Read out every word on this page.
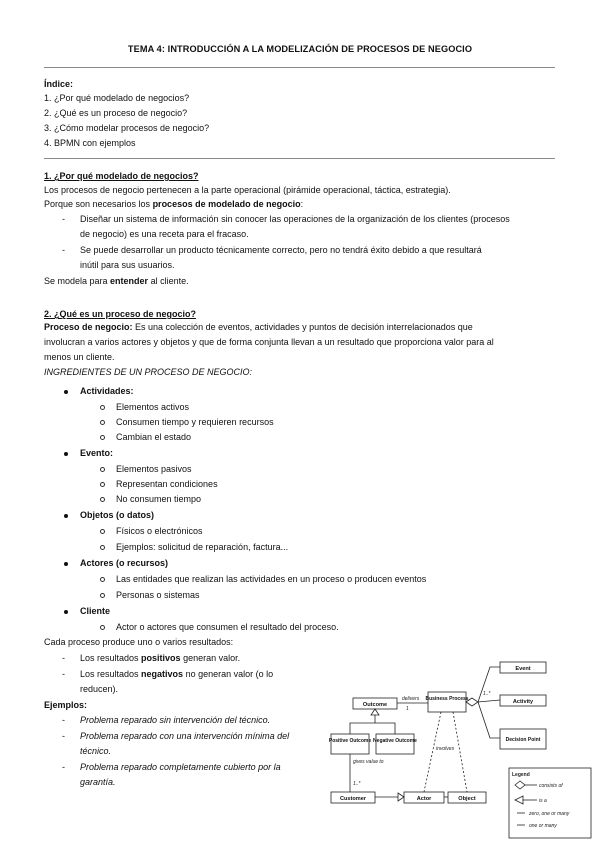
TEMA 4: INTRODUCCIÓN A LA MODELIZACIÓN DE PROCESOS DE NEGOCIO
Índice:
1. ¿Por qué modelado de negocios?
2. ¿Qué es un proceso de negocio?
3. ¿Cómo modelar procesos de negocio?
4. BPMN con ejemplos
1. ¿Por qué modelado de negocios?
Los procesos de negocio pertenecen a la parte operacional (pirámide operacional, táctica, estrategia).
Porque son necesarios los procesos de modelado de negocio:
- Diseñar un sistema de información sin conocer las operaciones de la organización de los clientes (procesos
de negocio) es una receta para el fracaso.
- Se puede desarrollar un producto técnicamente correcto, pero no tendrá éxito debido a que resultará
inútil para sus usuarios.
Se modela para entender al cliente.
2. ¿Qué es un proceso de negocio?
Proceso de negocio: Es una colección de eventos, actividades y puntos de decisión interrelacionados que
involucran a varios actores y objetos y que de forma conjunta llevan a un resultado que proporciona valor para al
menos un cliente.
INGREDIENTES DE UN PROCESO DE NEGOCIO:
Actividades:
Elementos activos
Consumen tiempo y requieren recursos
Cambian el estado
Evento:
Elementos pasivos
Representan condiciones
No consumen tiempo
Objetos (o datos)
Físicos o electrónicos
Ejemplos: solicitud de reparación, factura...
Actores (o recursos)
Las entidades que realizan las actividades en un proceso o producen eventos
Personas o sistemas
Cliente
Actor o actores que consumen el resultado del proceso.
Cada proceso produce uno o varios resultados:
- Los resultados positivos generan valor.
- Los resultados negativos no generan valor (o lo
reducen).
Ejemplos:
- Problema reparado sin intervención del técnico.
- Problema reparado con una intervención mínima del
técnico.
- Problema reparado completamente cubierto por la
garantía.
Outcome
Business Process
Event
Activity
Decision Point
Positive Outcome Negative Outcome
Customer	Actor	Object
delivers
1
1..*
gives value to
1..*
involves
Legend
consists of
is a
zero, one or many
one or many
